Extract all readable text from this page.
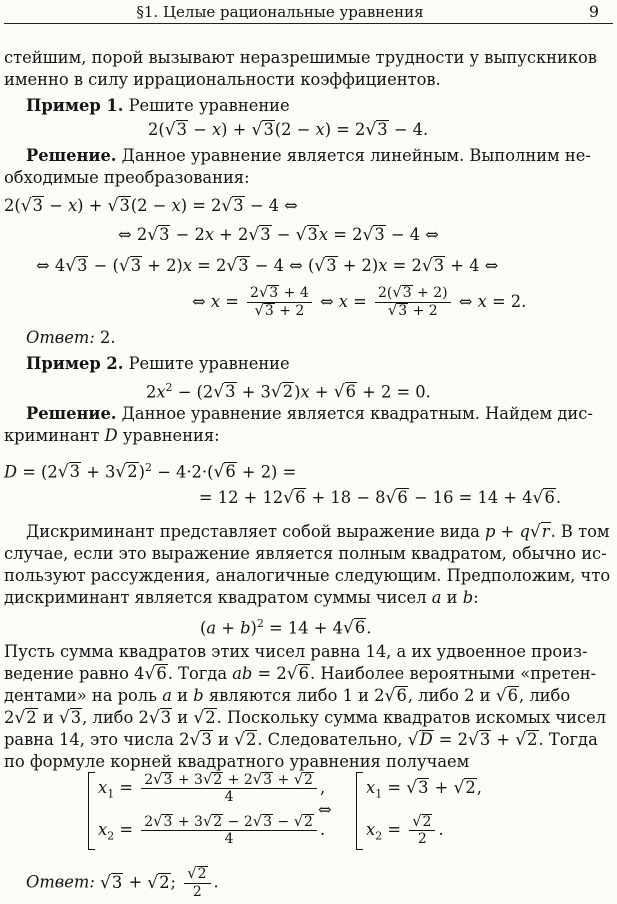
§1. Целые рациональные уравнения	9
стейшим, порой вызывают неразрешимые трудности у выпускников
именно в силу иррациональности коэффициентов.
Пример 1. Решите уравнение
2(√3 − x) + √3(2 − x) = 2√3 − 4.
Решение. Данное уравнение является линейным. Выполним не-
обходимые преобразования:
2(√3 − x) + √3(2 − x) = 2√3 − 4 ⇔
⇔ 2√3 − 2x + 2√3 − √3x = 2√3 − 4 ⇔
⇔ 4√3 − (√3 + 2)x = 2√3 − 4 ⇔ (√3 + 2)x = 2√3 + 4 ⇔
⇔ $x = \frac{2√3 + 4}{√3 + 2}$ ⇔ $x = \frac{2(√3 + 2)}{√3 + 2}$ ⇔ x = 2.
Ответ: 2.
Пример 2. Решите уравнение
$2x^2 - (2√3 + 3√2)x + √6 + 2 = 0$.
Решение. Данное уравнение является квадратным. Найдем дис-
криминант D уравнения:
$D = (2√3 + 3√2)^2 - 4\cdot 2\cdot(√6 + 2)$ =
= 12 + 12√6 + 18 − 8√6 − 16 = 14 + 4√6.
Дискриминант представляет собой выражение вида p + q√r. В том
случае, если это выражение является полным квадратом, обычно ис-
пользуют рассуждения, аналогичные следующим. Предположим, что
дискриминант является квадратом суммы чисел a и b:
$(a + b)^2 = 14 + 4√6$.
Пусть сумма квадратов этих чисел равна 14, а их удвоенное произ-
ведение равно 4√6. Тогда ab = 2√6. Наиболее вероятными «претен-
дентами» на роль a и b являются либо 1 и 2√6, либо 2 и √6, либо
2√2 и √3, либо 2√3 и √2. Поскольку сумма квадратов искомых чисел
равна 14, это числа 2√3 и √2. Следовательно, √D = 2√3 + √2. Тогда
по формуле корней квадратного уравнения получаем
$x_1 = \frac{2√3 + 3√2 + 2√3 + √2}{4}$ ,
$x_2 = \frac{2√3 + 3√2 - 2√3 - √2}{4}$ .
⇔
$x_1 = √3 + √2$,
$x_2 = \frac{√2}{2}$ .
Ответ: √3 + √2; $\frac{√2}{2}$ .
